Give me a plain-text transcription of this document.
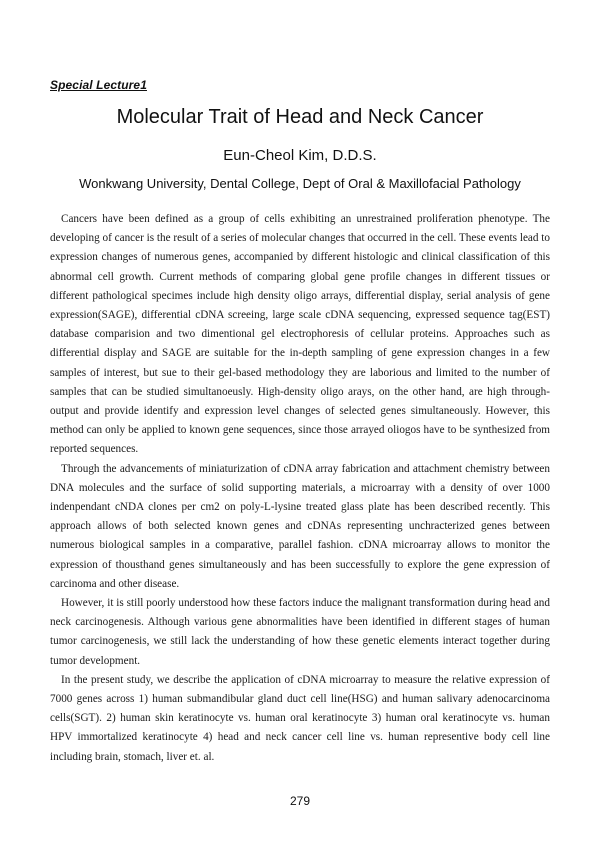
Special Lecture1
Molecular Trait of Head and Neck Cancer
Eun-Cheol Kim, D.D.S.
Wonkwang University, Dental College, Dept of Oral & Maxillofacial Pathology

Cancers have been defined as a group of cells exhibiting an unrestrained proliferation phenotype. The developing of cancer is the result of a series of molecular changes that occurred in the cell. These events lead to expression changes of numerous genes, accompanied by different histologic and clinical classification of this abnormal cell growth. Current methods of comparing global gene profile changes in different tissues or different pathological specimes include high density oligo arrays, differential display, serial analysis of gene expression(SAGE), differential cDNA screeing, large scale cDNA sequencing, expressed sequence tag(EST) database comparision and two dimentional gel electrophoresis of cellular proteins. Approaches such as differential display and SAGE are suitable for the in-depth sampling of gene expression changes in a few samples of interest, but sue to their gel-based methodology they are laborious and limited to the number of samples that can be studied simultanoeusly. High-density oligo arays, on the other hand, are high through-output and provide identify and expression level changes of selected genes simultaneously. However, this method can only be applied to known gene sequences, since those arrayed oliogos have to be synthesized from reported sequences.

Through the advancements of miniaturization of cDNA array fabrication and attachment chemistry between DNA molecules and the surface of solid supporting materials, a microarray with a density of over 1000 indenpendant cNDA clones per cm2 on poly-L-lysine treated glass plate has been described recently. This approach allows of both selected known genes and cDNAs representing unchracterized genes between numerous biological samples in a comparative, parallel fashion. cDNA microarray allows to monitor the expression of thousthand genes simultaneously and has been successfully to explore the gene expression of carcinoma and other disease.

However, it is still poorly understood how these factors induce the malignant transformation during head and neck carcinogenesis. Although various gene abnormalities have been identified in different stages of human tumor carcinogenesis, we still lack the understanding of how these genetic elements interact together during tumor development.

In the present study, we describe the application of cDNA microarray to measure the relative expression of 7000 genes across 1) human submandibular gland duct cell line(HSG) and human salivary adenocarcinoma cells(SGT). 2) human skin keratinocyte vs. human oral keratinocyte 3) human oral keratinocyte vs. human HPV immortalized keratinocyte 4) head and neck cancer cell line vs. human representive body cell line including brain, stomach, liver et. al.

279
